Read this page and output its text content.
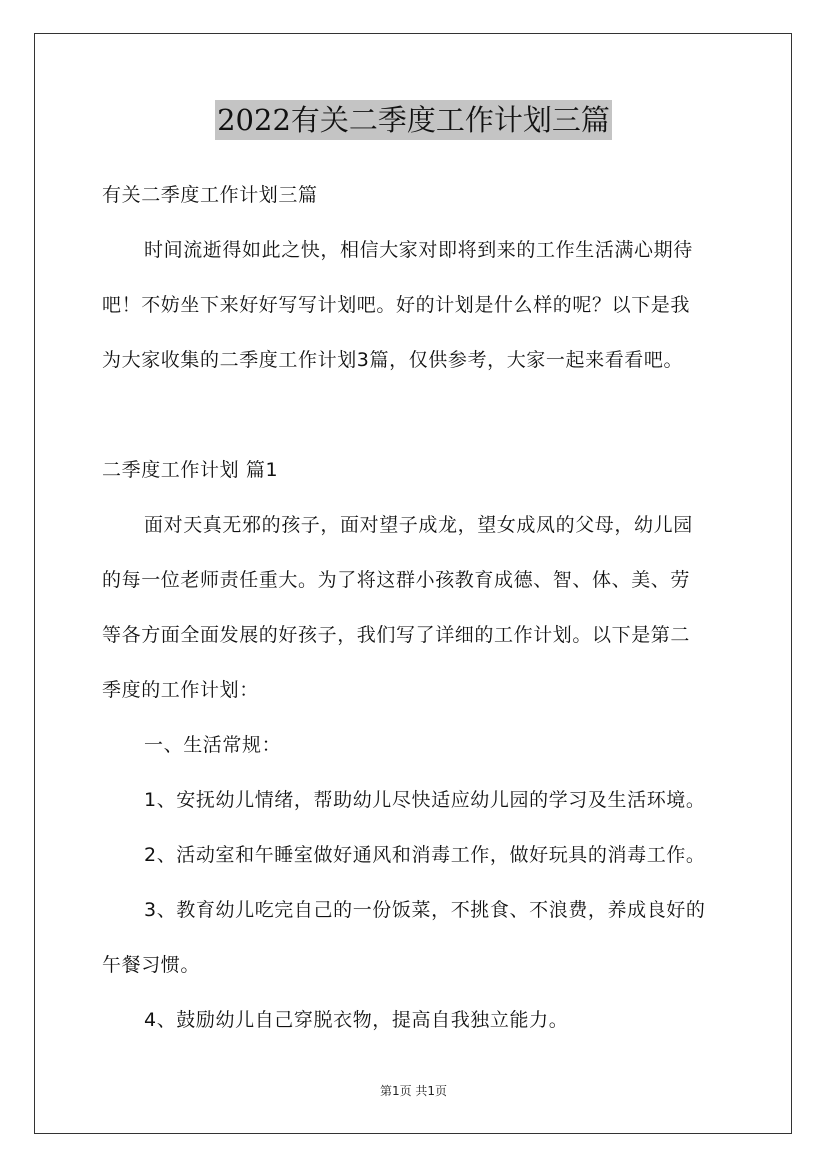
2022有关二季度工作计划三篇
有关二季度工作计划三篇
时间流逝得如此之快，相信大家对即将到来的工作生活满心期待
吧！不妨坐下来好好写写计划吧。好的计划是什么样的呢？以下是我
为大家收集的二季度工作计划3篇，仅供参考，大家一起来看看吧。
二季度工作计划 篇1
面对天真无邪的孩子，面对望子成龙，望女成凤的父母，幼儿园
的每一位老师责任重大。为了将这群小孩教育成德、智、体、美、劳
等各方面全面发展的好孩子，我们写了详细的工作计划。以下是第二
季度的工作计划：
一、生活常规：
1、安抚幼儿情绪，帮助幼儿尽快适应幼儿园的学习及生活环境。
2、活动室和午睡室做好通风和消毒工作，做好玩具的消毒工作。
3、教育幼儿吃完自己的一份饭菜，不挑食、不浪费，养成良好的
午餐习惯。
4、鼓励幼儿自己穿脱衣物，提高自我独立能力。
第1页 共1页
